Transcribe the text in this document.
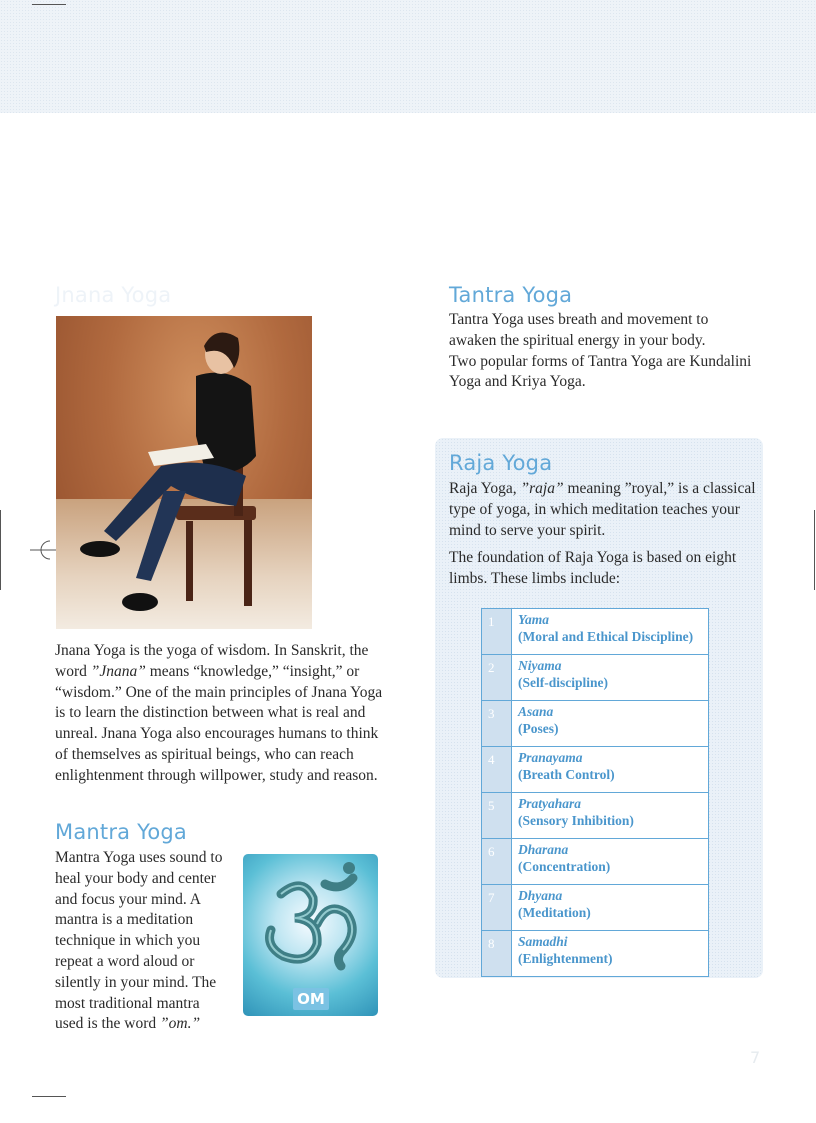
Jnana Yoga

Jnana Yoga is the yoga of wisdom. In Sanskrit, the
word ”Jnana” means “knowledge,” “insight,” or
“wisdom.” One of the main principles of Jnana Yoga
is to learn the distinction between what is real and
unreal. Jnana Yoga also encourages humans to think
of themselves as spiritual beings, who can reach
enlightenment through willpower, study and reason.

Mantra Yoga

Mantra Yoga uses sound to
heal your body and center
and focus your mind. A
mantra is a meditation
technique in which you
repeat a word aloud or
silently in your mind. The
most traditional mantra
used is the word ”om.”

OM
Tantra Yoga

Tantra Yoga uses breath and movement to
awaken the spiritual energy in your body.
Two popular forms of Tantra Yoga are Kundalini
Yoga and Kriya Yoga.

Raja Yoga

Raja Yoga, ”raja” meaning ”royal,” is a classical
type of yoga, in which meditation teaches your
mind to serve your spirit.

The foundation of Raja Yoga is based on eight
limbs. These limbs include:

1	Yama
(Moral and Ethical Discipline)

2	Niyama
(Self-discipline)

3	Asana
(Poses)

4	Pranayama
(Breath Control)

5	Pratyahara
(Sensory Inhibition)

6	Dharana
(Concentration)

7	Dhyana
(Meditation)

8	Samadhi
(Enlightenment)
7
